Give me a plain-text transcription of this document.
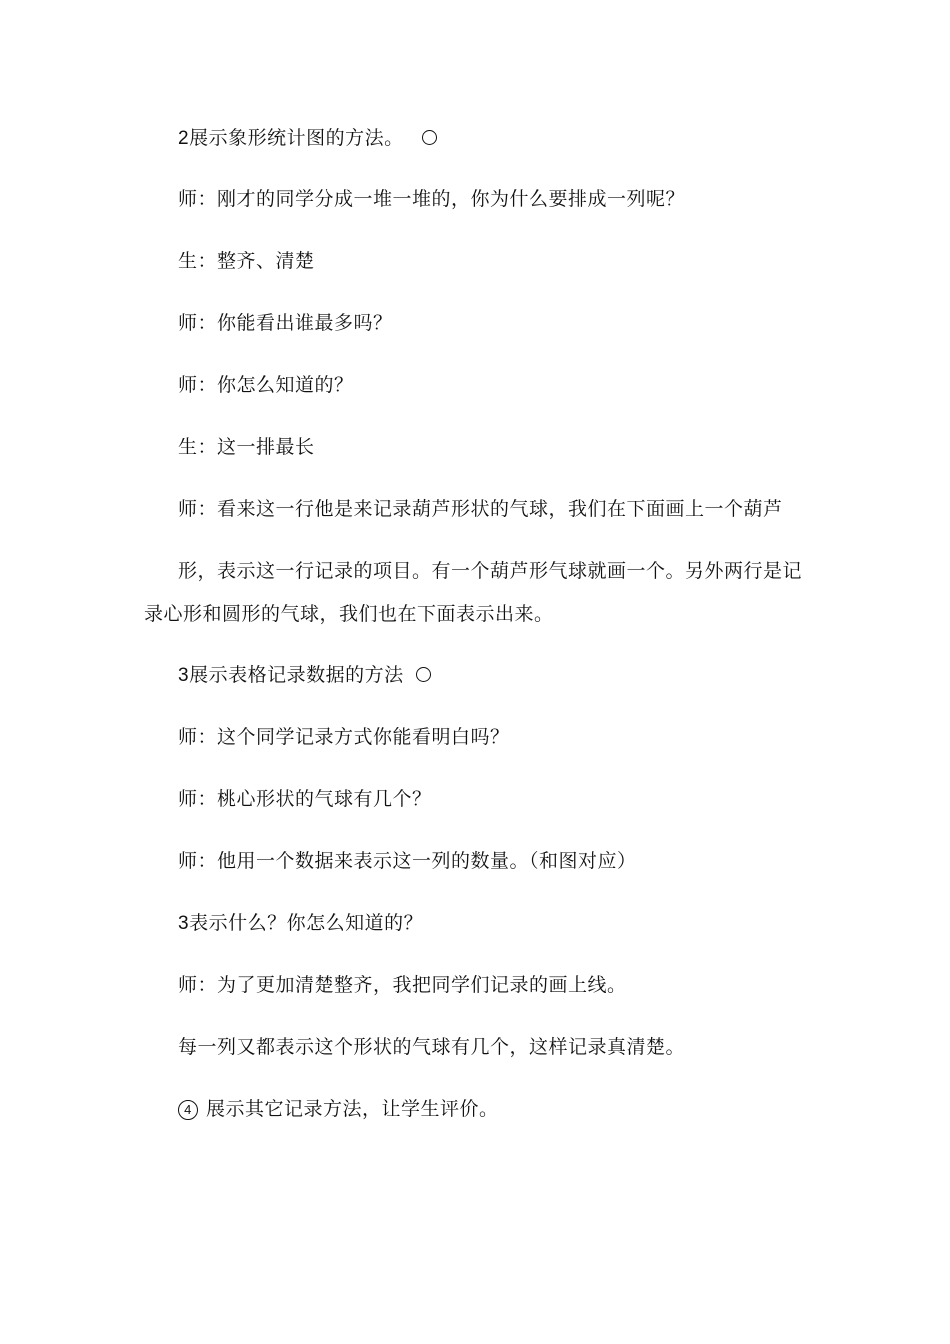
2展示象形统计图的方法。
师：刚才的同学分成一堆一堆的，你为什么要排成一列呢？
生：整齐、清楚
师：你能看出谁最多吗？
师：你怎么知道的？
生：这一排最长
师：看来这一行他是来记录葫芦形状的气球，我们在下面画上一个葫芦
形，表示这一行记录的项目。有一个葫芦形气球就画一个。另外两行是记
录心形和圆形的气球，我们也在下面表示出来。
3展示表格记录数据的方法
师：这个同学记录方式你能看明白吗？
师：桃心形状的气球有几个？
师：他用一个数据来表示这一列的数量。（和图对应）
3表示什么？你怎么知道的？
师：为了更加清楚整齐，我把同学们记录的画上线。
每一列又都表示这个形状的气球有几个，这样记录真清楚。
4 展示其它记录方法，让学生评价。
